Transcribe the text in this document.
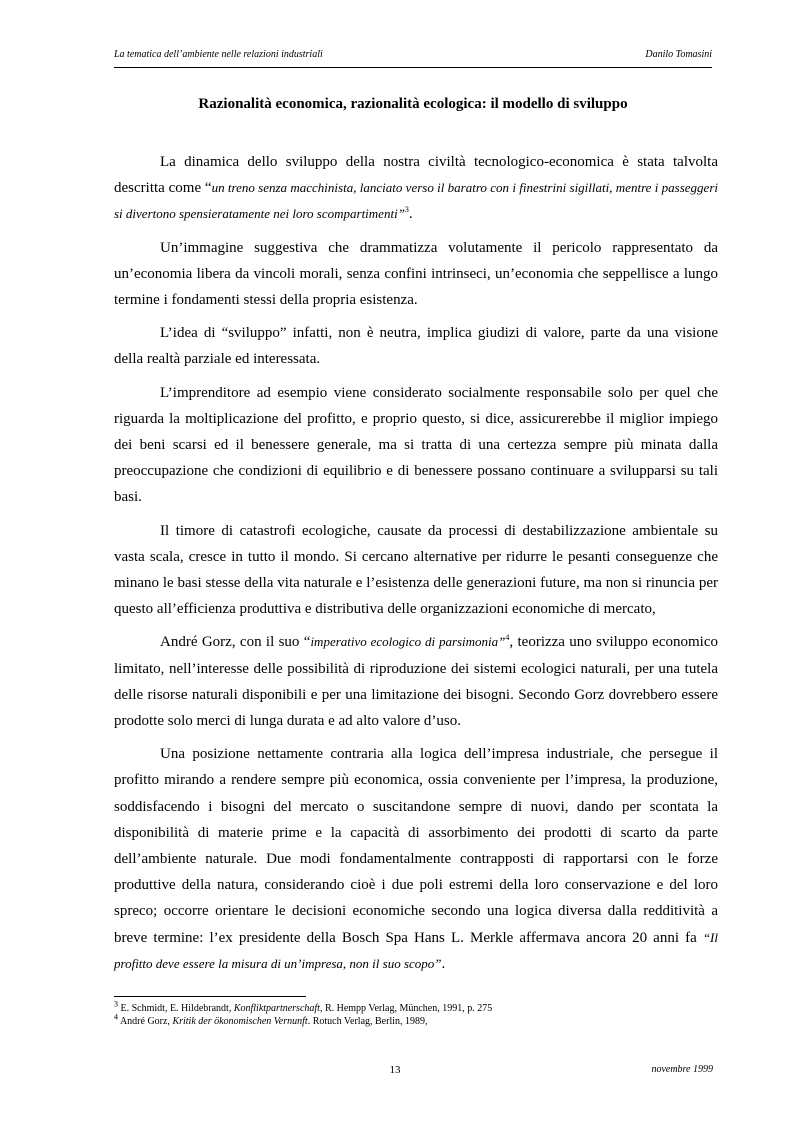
La tematica dell’ambiente nelle relazioni industriali	Danilo Tomasini
Razionalità economica, razionalità ecologica: il modello di sviluppo

La dinamica dello sviluppo della nostra civiltà tecnologico-economica è stata talvolta descritta come “un treno senza macchinista, lanciato verso il baratro con i finestrini sigillati, mentre i passeggeri si divertono spensieratamente nei loro scompartimenti”$^3$.

Un’immagine suggestiva che drammatizza volutamente il pericolo rappresentato da un’economia libera da vincoli morali, senza confini intrinseci, un’economia che seppellisce a lungo termine i fondamenti stessi della propria esistenza.

L’idea di “sviluppo” infatti, non è neutra, implica giudizi di valore, parte da una visione della realtà parziale ed interessata.

L’imprenditore ad esempio viene considerato socialmente responsabile solo per quel che riguarda la moltiplicazione del profitto, e proprio questo, si dice, assicurerebbe il miglior impiego dei beni scarsi ed il benessere generale, ma si tratta di una certezza sempre più minata dalla preoccupazione che condizioni di equilibrio e di benessere possano continuare a svilupparsi su tali basi.

Il timore di catastrofi ecologiche, causate da processi di destabilizzazione ambientale su vasta scala, cresce in tutto il mondo. Si cercano alternative per ridurre le pesanti conseguenze che minano le basi stesse della vita naturale e l’esistenza delle generazioni future, ma non si rinuncia per questo all’efficienza produttiva e distributiva delle organizzazioni economiche di mercato,

André Gorz, con il suo “imperativo ecologico di parsimonia”$^4$, teorizza uno sviluppo economico limitato, nell’interesse delle possibilità di riproduzione dei sistemi ecologici naturali, per una tutela delle risorse naturali disponibili e per una limitazione dei bisogni. Secondo Gorz dovrebbero essere prodotte solo merci di lunga durata e ad alto valore d’uso.

Una posizione nettamente contraria alla logica dell’impresa industriale, che persegue il profitto mirando a rendere sempre più economica, ossia conveniente per l’impresa, la produzione, soddisfacendo i bisogni del mercato o suscitandone sempre di nuovi, dando per scontata la disponibilità di materie prime e la capacità di assorbimento dei prodotti di scarto da parte dell’ambiente naturale. Due modi fondamentalmente contrapposti di rapportarsi con le forze produttive della natura, considerando cioè i due poli estremi della loro conservazione e del loro spreco; occorre orientare le decisioni economiche secondo una logica diversa dalla redditività a breve termine: l’ex presidente della Bosch Spa Hans L. Merkle affermava ancora 20 anni fa “Il profitto deve essere la misura di un’impresa, non il suo scopo”.

$^3$ E. Schmidt, E. Hildebrandt, Konfliktpartnerschaft, R. Hempp Verlag, München, 1991, p. 275
$^4$ André Gorz, Kritik der ökonomischen Vernunft. Rotuch Verlag, Berlin, 1989,
13	novembre 1999
